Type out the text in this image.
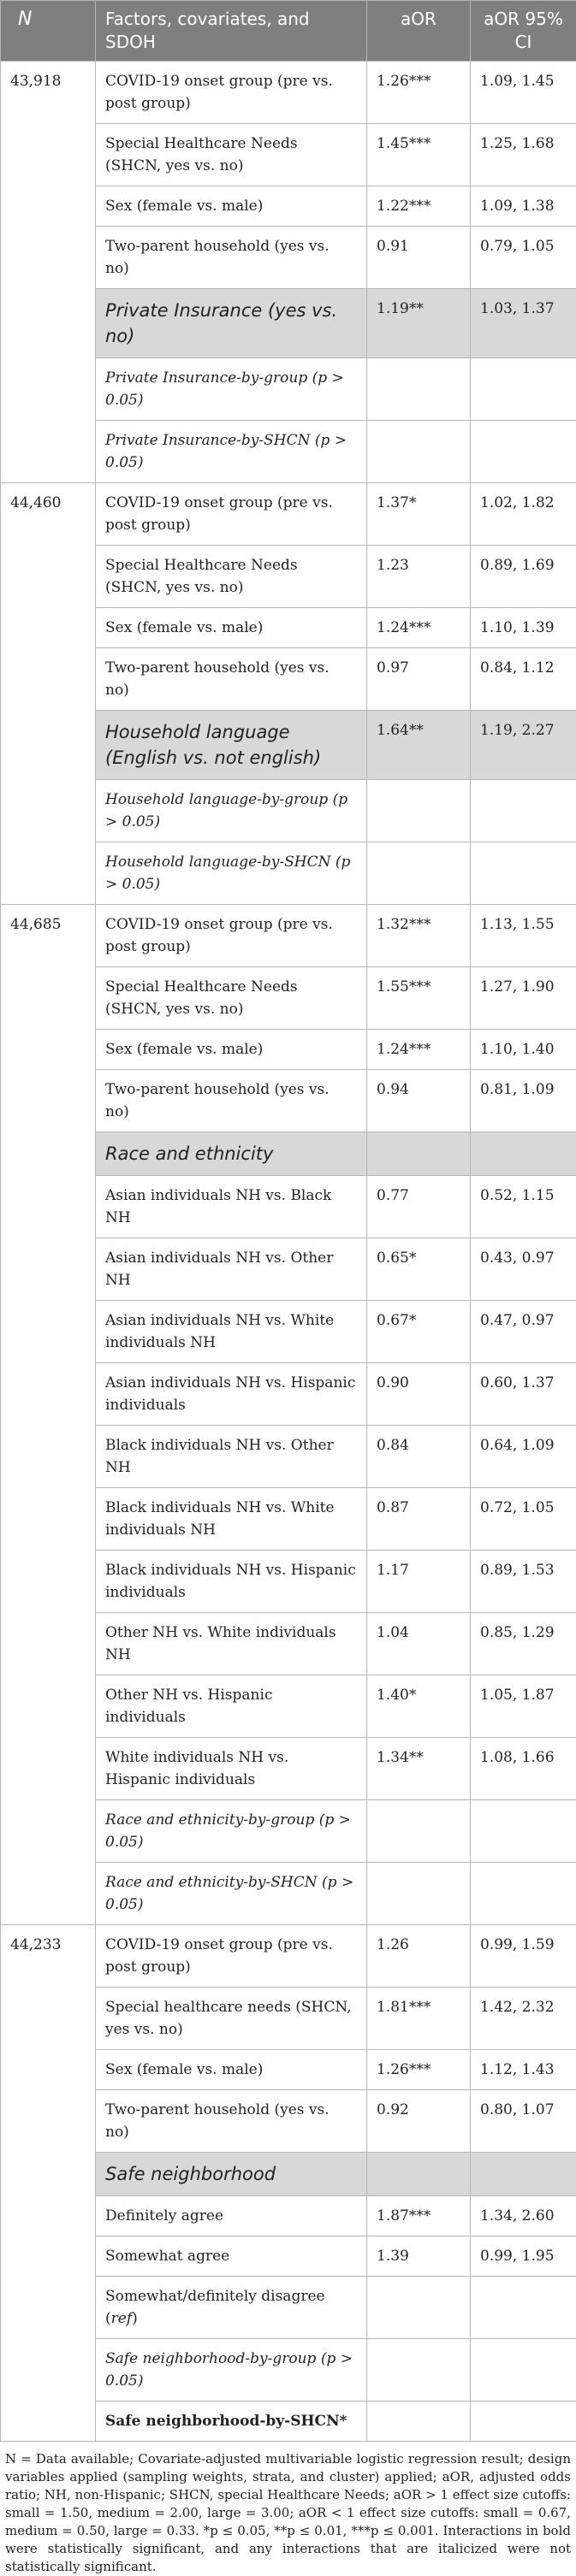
N	Factors, covariates, and SDOH	aOR	aOR 95% CI
43,918	COVID-19 onset group (pre vs. post group)	1.26***	1.09, 1.45
	Special Healthcare Needs (SHCN, yes vs. no)	1.45***	1.25, 1.68
	Sex (female vs. male)	1.22***	1.09, 1.38
	Two-parent household (yes vs. no)	0.91	0.79, 1.05
	Private Insurance (yes vs. no)	1.19**	1.03, 1.37
	Private Insurance-by-group (p > 0.05)		
	Private Insurance-by-SHCN (p > 0.05)		
44,460	COVID-19 onset group (pre vs. post group)	1.37*	1.02, 1.82
	Special Healthcare Needs (SHCN, yes vs. no)	1.23	0.89, 1.69
	Sex (female vs. male)	1.24***	1.10, 1.39
	Two-parent household (yes vs. no)	0.97	0.84, 1.12
	Household language (English vs. not english)	1.64**	1.19, 2.27
	Household language-by-group (p > 0.05)		
	Household language-by-SHCN (p > 0.05)		
44,685	COVID-19 onset group (pre vs. post group)	1.32***	1.13, 1.55
	Special Healthcare Needs (SHCN, yes vs. no)	1.55***	1.27, 1.90
	Sex (female vs. male)	1.24***	1.10, 1.40
	Two-parent household (yes vs. no)	0.94	0.81, 1.09
	Race and ethnicity		
	Asian individuals NH vs. Black NH	0.77	0.52, 1.15
	Asian individuals NH vs. Other NH	0.65*	0.43, 0.97
	Asian individuals NH vs. White individuals NH	0.67*	0.47, 0.97
	Asian individuals NH vs. Hispanic individuals	0.90	0.60, 1.37
	Black individuals NH vs. Other NH	0.84	0.64, 1.09
	Black individuals NH vs. White individuals NH	0.87	0.72, 1.05
	Black individuals NH vs. Hispanic individuals	1.17	0.89, 1.53
	Other NH vs. White individuals NH	1.04	0.85, 1.29
	Other NH vs. Hispanic individuals	1.40*	1.05, 1.87
	White individuals NH vs. Hispanic individuals	1.34**	1.08, 1.66
	Race and ethnicity-by-group (p > 0.05)		
	Race and ethnicity-by-SHCN (p > 0.05)		
44,233	COVID-19 onset group (pre vs. post group)	1.26	0.99, 1.59
	Special healthcare needs (SHCN, yes vs. no)	1.81***	1.42, 2.32
	Sex (female vs. male)	1.26***	1.12, 1.43
	Two-parent household (yes vs. no)	0.92	0.80, 1.07
	Safe neighborhood		
	Definitely agree	1.87***	1.34, 2.60
	Somewhat agree	1.39	0.99, 1.95
	Somewhat/definitely disagree (ref)		
	Safe neighborhood-by-group (p > 0.05)		
	Safe neighborhood-by-SHCN*		
N = Data available; Covariate-adjusted multivariable logistic regression result; design variables applied (sampling weights, strata, and cluster) applied; aOR, adjusted odds ratio; NH, non-Hispanic; SHCN, special Healthcare Needs; aOR > 1 effect size cutoffs: small = 1.50, medium = 2.00, large = 3.00; aOR < 1 effect size cutoffs: small = 0.67, medium = 0.50, large = 0.33. *p ≤ 0.05, **p ≤ 0.01, ***p ≤ 0.001. Interactions in bold were statistically significant, and any interactions that are italicized were not statistically significant.
